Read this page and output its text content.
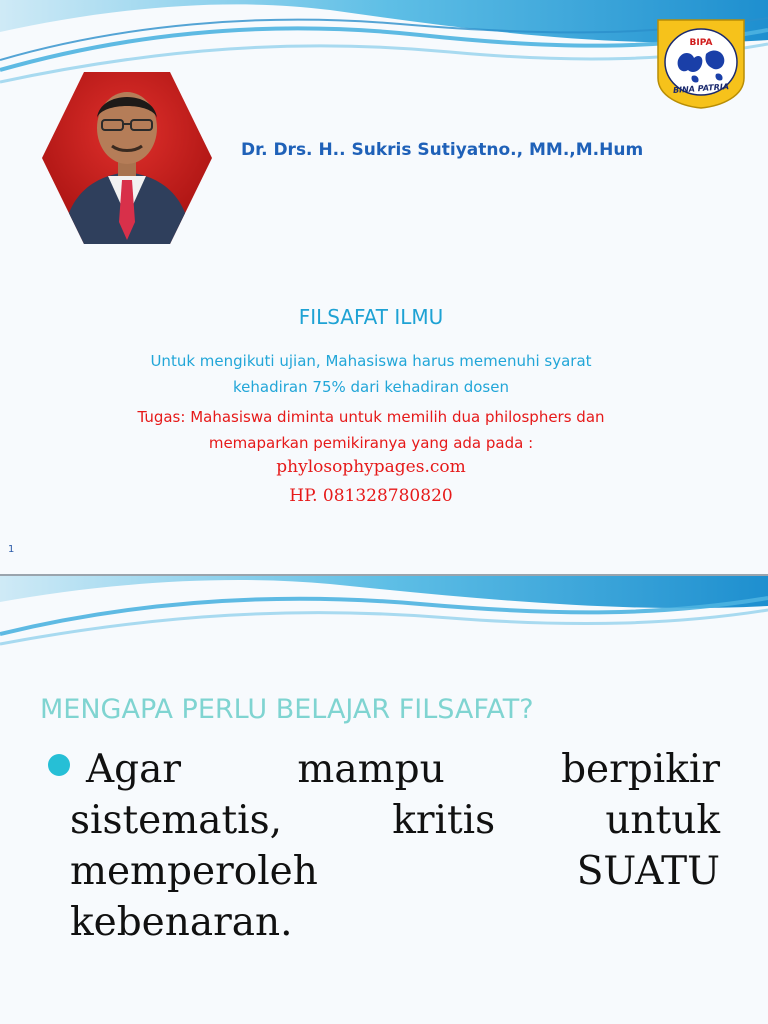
BIPA
BINA PATRIA
Dr. Drs. H.. Sukris Sutiyatno., MM.,M.Hum
FILSAFAT ILMU
Untuk mengikuti ujian, Mahasiswa harus memenuhi syarat
kehadiran 75% dari kehadiran dosen
Tugas: Mahasiswa diminta untuk memilih dua philosphers dan
memaparkan pemikiranya yang ada pada :
phylosophypages.com
HP. 081328780820
1
MENGAPA PERLU BELAJAR FILSAFAT?
Agar	mampu	berpikir
sistematis,	kritis	untuk
memperoleh	SUATU
kebenaran.
